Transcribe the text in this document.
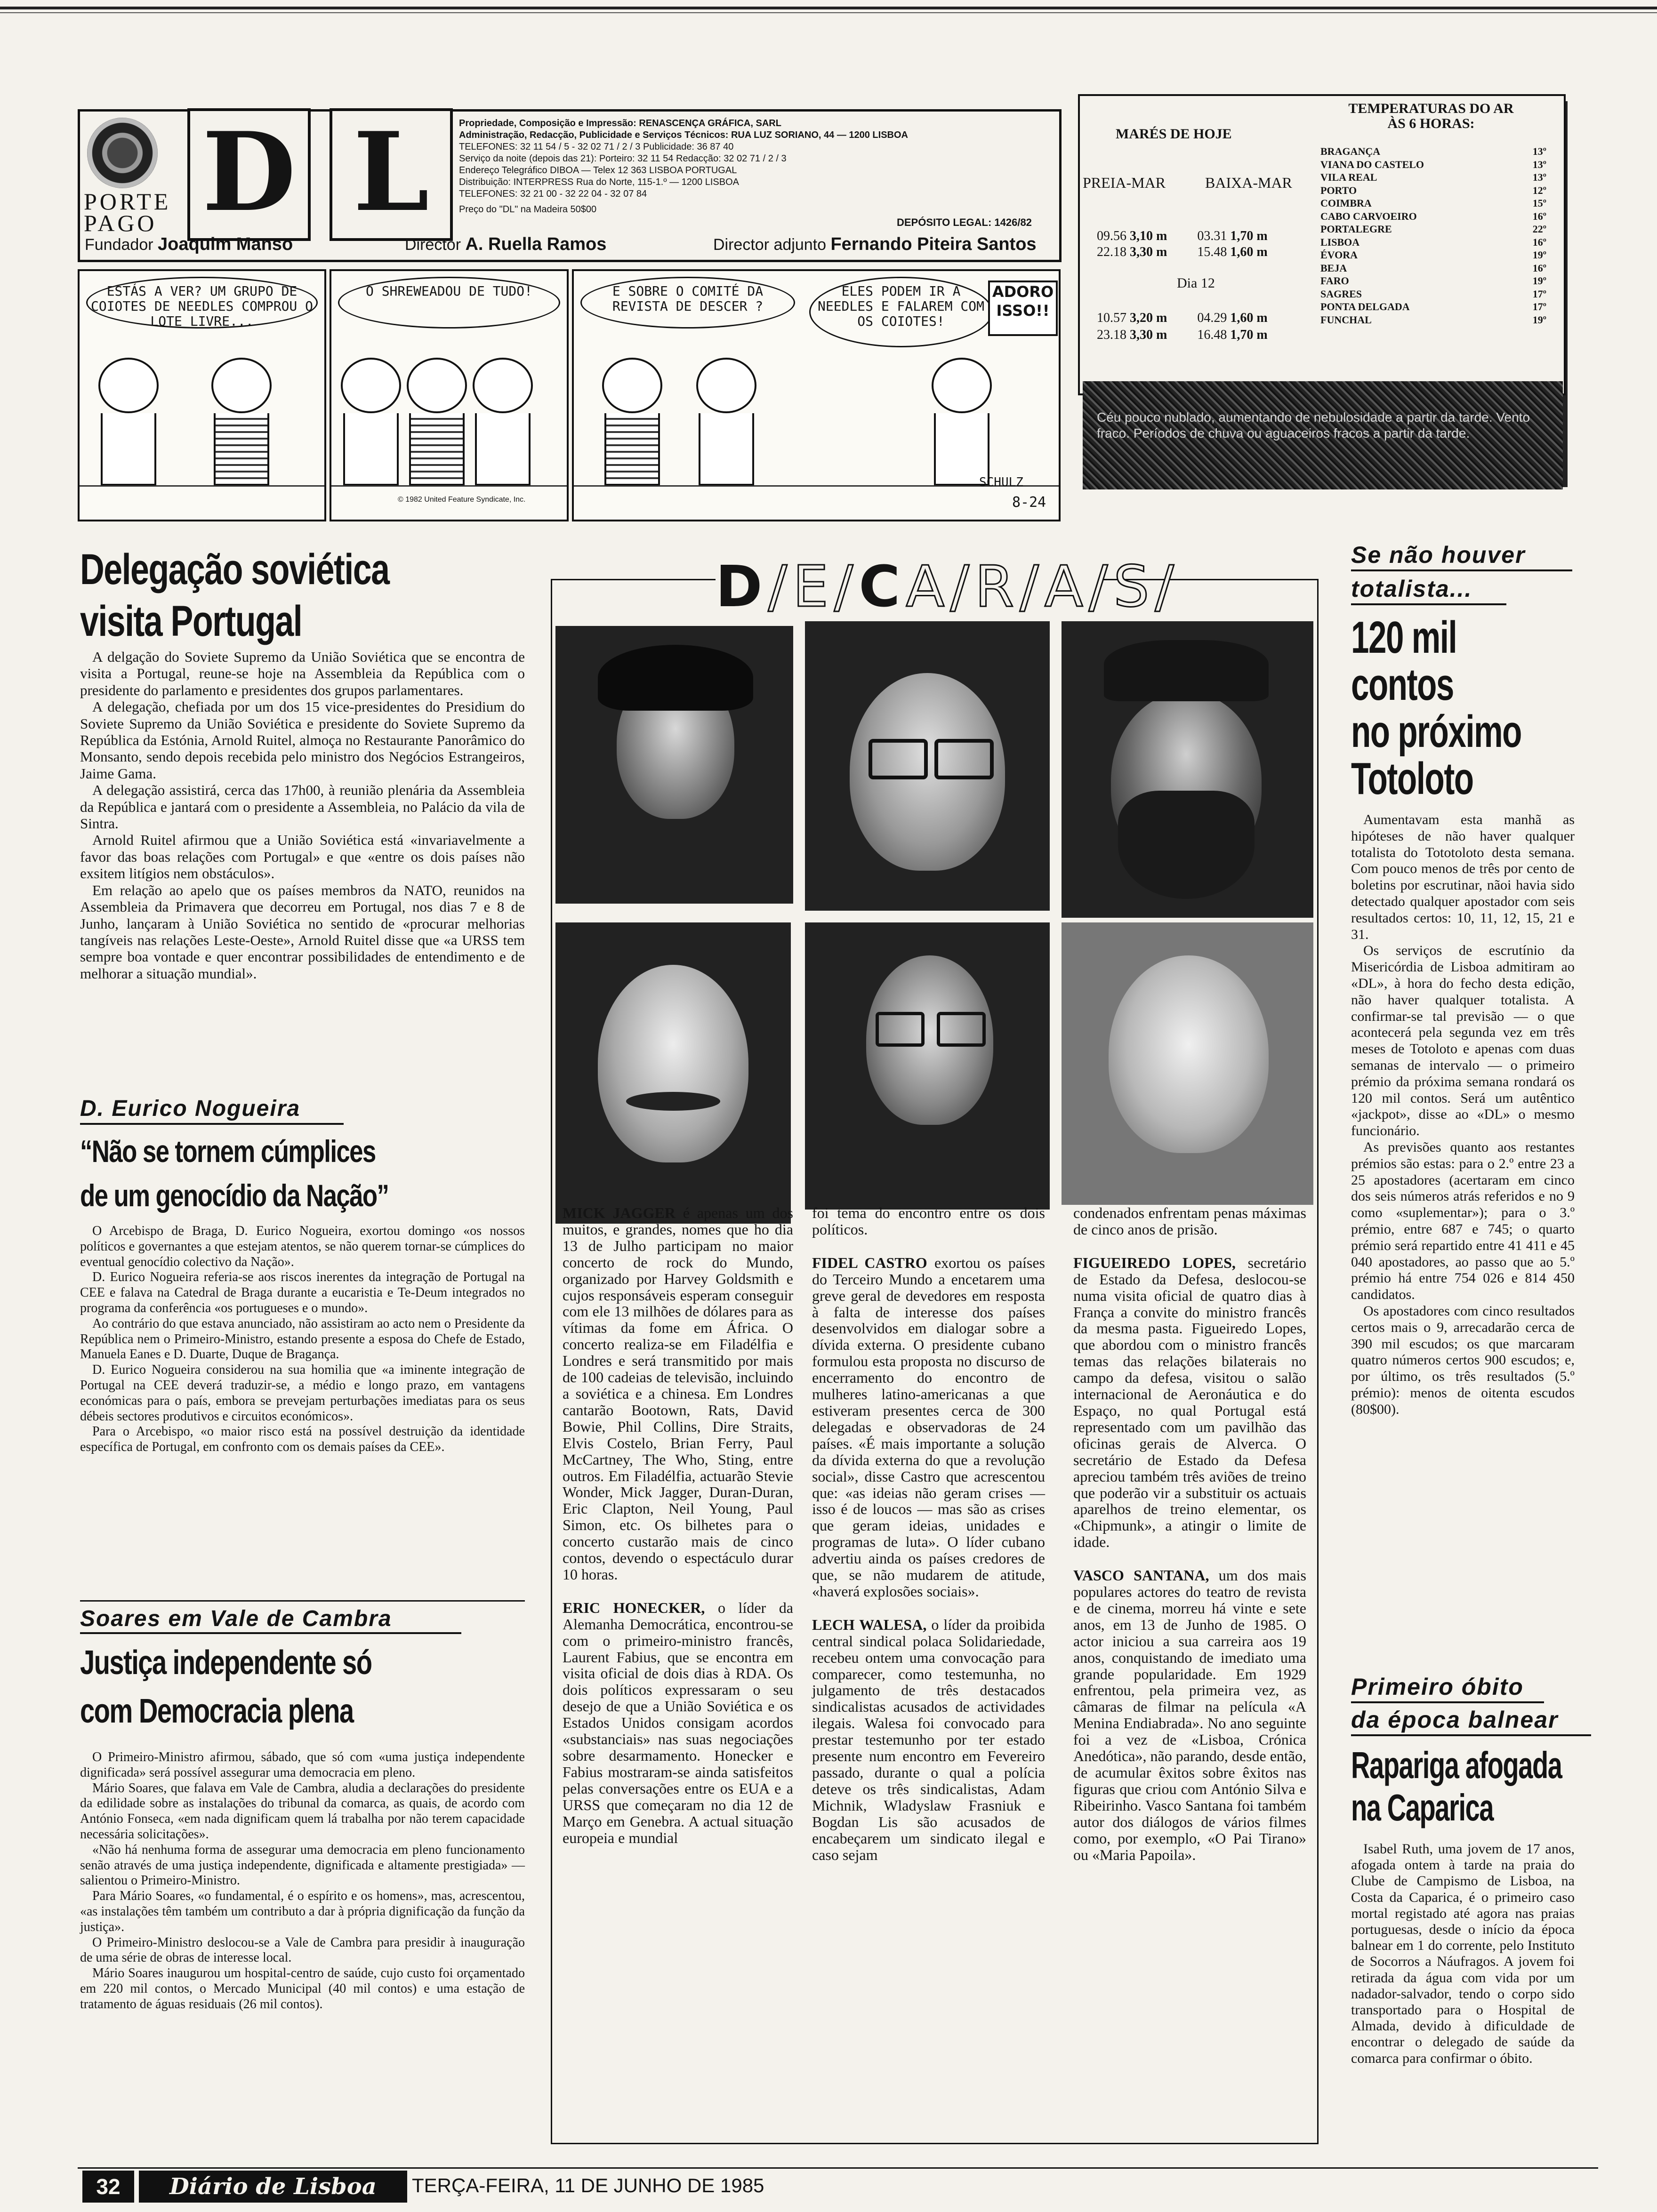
PORTE
PAGO D L	Propriedade, Composição e Impressão: RENASCENÇA GRÁFICA, SARL
Administração, Redacção, Publicidade e Serviços Técnicos: RUA LUZ SORIANO, 44 — 1200 LISBOA
TELEFONES: 32 11 54 / 5 - 32 02 71 / 2 / 3 Publicidade: 36 87 40
Serviço da noite (depois das 21): Porteiro: 32 11 54 Redacção: 32 02 71 / 2 / 3
Endereço Telegráfico DIBOA — Telex 12 363 LISBOA PORTUGAL
Distribuição: INTERPRESS Rua do Norte, 115-1.º — 1200 LISBOA
TELEFONES: 32 21 00 - 32 22 04 - 32 07 84
Preço do "DL" na Madeira 50$00
DEPÓSITO LEGAL: 1426/82
Fundador Joaquim Manso	Director A. Ruella Ramos	Director adjunto Fernando Piteira Santos
ESTÁS A VER? UM GRUPO DE COIOTES DE NEEDLES COMPROU O LOTE LIVRE...
O SHREWEADOU DE TUDO!	E SOBRE O COMITÉ DA REVISTA DE DESCER ?
ELES PODEM IR A NEEDLES E FALAREM COM OS COIOTES!
ADORO ISSO!!
© 1982 United Feature Syndicate, Inc.
SCHULZ
8-24
Céu pouco nublado, aumentando de nebulosidade a partir da tarde. Vento fraco. Períodos de chuva ou aguaceiros fracos a partir da tarde.
MARÉS DE HOJE
PREIA-MAR	BAIXA-MAR
09.56 3,10 m 03.31 1,70 m
22.18 3,30 m 15.48 1,60 m
Dia 12
10.57 3,20 m 04.29 1,60 m
23.18 3,30 m 16.48 1,70 m
TEMPERATURAS DO AR
ÀS 6 HORAS:
BRAGANÇA	13º
VIANA DO CASTELO	13º
VILA REAL	13º
PORTO	12º
COIMBRA	15º
CABO CARVOEIRO	16º
PORTALEGRE	22º
LISBOA	16º
ÉVORA	19º
BEJA	16º
FARO	19º
SAGRES	17º
PONTA DELGADA	17º
FUNCHAL	19º
Delegação soviética
visita Portugal

A delgação do Soviete Supremo da União Soviética que se encontra de visita a Portugal, reune-se hoje na Assembleia da República com o presidente do parlamento e presidentes dos grupos parlamentares.

A delegação, chefiada por um dos 15 vice-presidentes do Presidium do Soviete Supremo da União Soviética e presidente do Soviete Supremo da República da Estónia, Arnold Ruitel, almoça no Restaurante Panorâmico do Monsanto, sendo depois recebida pelo ministro dos Negócios Estrangeiros, Jaime Gama.

A delegação assistirá, cerca das 17h00, à reunião plenária da Assembleia da República e jantará com o presidente a Assembleia, no Palácio da vila de Sintra.

Arnold Ruitel afirmou que a União Soviética está «invariavelmente a favor das boas relações com Portugal» e que «entre os dois países não exsitem litígios nem obstáculos».

Em relação ao apelo que os países membros da NATO, reunidos na Assembleia da Primavera que decorreu em Portugal, nos dias 7 e 8 de Junho, lançaram à União Soviética no sentido de «procurar melhorias tangíveis nas relações Leste-Oeste», Arnold Ruitel disse que «a URSS tem sempre boa vontade e quer encontrar possibilidades de entendimento e de melhorar a situação mundial».

D. Eurico Nogueira
“Não se tornem cúmplices
de um genocídio da Nação”

O Arcebispo de Braga, D. Eurico Nogueira, exortou domingo «os nossos políticos e governantes a que estejam atentos, se não querem tornar-se cúmplices do eventual genocídio colectivo da Nação».

D. Eurico Nogueira referia-se aos riscos inerentes da integração de Portugal na CEE e falava na Catedral de Braga durante a eucaristia e Te-Deum integrados no programa da conferência «os portugueses e o mundo».

Ao contrário do que estava anunciado, não assistiram ao acto nem o Presidente da República nem o Primeiro-Ministro, estando presente a esposa do Chefe de Estado, Manuela Eanes e D. Duarte, Duque de Bragança.

D. Eurico Nogueira considerou na sua homilia que «a iminente integração de Portugal na CEE deverá traduzir-se, a médio e longo prazo, em vantagens económicas para o país, embora se prevejam perturbações imediatas para os seus débeis sectores produtivos e circuitos económicos».

Para o Arcebispo, «o maior risco está na possível destruição da identidade específica de Portugal, em confronto com os demais países da CEE».

Soares em Vale de Cambra
Justiça independente só
com Democracia plena

O Primeiro-Ministro afirmou, sábado, que só com «uma justiça independente dignificada» será possível assegurar uma democracia em pleno.

Mário Soares, que falava em Vale de Cambra, aludia a declarações do presidente da edilidade sobre as instalações do tribunal da comarca, as quais, de acordo com António Fonseca, «em nada dignificam quem lá trabalha por não terem capacidade necessária solicitações».

«Não há nenhuma forma de assegurar uma democracia em pleno funcionamento senão através de uma justiça independente, dignificada e altamente prestigiada» — salientou o Primeiro-Ministro.

Para Mário Soares, «o fundamental, é o espírito e os homens», mas, acrescentou, «as instalações têm também um contributo a dar à própria dignificação da função da justiça».

O Primeiro-Ministro deslocou-se a Vale de Cambra para presidir à inauguração de uma série de obras de interesse local.

Mário Soares inaugurou um hospital-centro de saúde, cujo custo foi orçamentado em 220 mil contos, o Mercado Municipal (40 mil contos) e uma estação de tratamento de águas residuais (26 mil contos).

D/E/CA/R/A/S/

MICK JAGGER é apenas um dos muitos, e grandes, nomes que ho dia 13 de Julho participam no maior concerto de rock do Mundo, organizado por Harvey Goldsmith e cujos responsáveis esperam conseguir com ele 13 milhões de dólares para as vítimas da fome em África. O concerto realiza-se em Filadélfia e Londres e será transmitido por mais de 100 cadeias de televisão, incluindo a soviética e a chinesa. Em Londres cantarão Bootown, Rats, David Bowie, Phil Collins, Dire Straits, Elvis Costelo, Brian Ferry, Paul McCartney, The Who, Sting, entre outros. Em Filadélfia, actuarão Stevie Wonder, Mick Jagger, Duran-Duran, Eric Clapton, Neil Young, Paul Simon, etc. Os bilhetes para o concerto custarão mais de cinco contos, devendo o espectáculo durar 10 horas.

ERIC HONECKER, o líder da Alemanha Democrática, encontrou-se com o primeiro-ministro francês, Laurent Fabius, que se encontra em visita oficial de dois dias à RDA. Os dois políticos expressaram o seu desejo de que a União Soviética e os Estados Unidos consigam acordos «substanciais» nas suas negociações sobre desarmamento. Honecker e Fabius mostraram-se ainda satisfeitos pelas conversações entre os EUA e a URSS que começaram no dia 12 de Março em Genebra. A actual situação europeia e mundial

foi tema do encontro entre os dois políticos.

FIDEL CASTRO exortou os países do Terceiro Mundo a encetarem uma greve geral de devedores em resposta à falta de interesse dos países desenvolvidos em dialogar sobre a dívida externa. O presidente cubano formulou esta proposta no discurso de encerramento do encontro de mulheres latino-americanas a que estiveram presentes cerca de 300 delegadas e observadoras de 24 países. «É mais importante a solução da dívida externa do que a revolução social», disse Castro que acrescentou que: «as ideias não geram crises — isso é de loucos — mas são as crises que geram ideias, unidades e programas de luta». O líder cubano advertiu ainda os países credores de que, se não mudarem de atitude, «haverá explosões sociais».

LECH WALESA, o líder da proibida central sindical polaca Solidariedade, recebeu ontem uma convocação para comparecer, como testemunha, no julgamento de três destacados sindicalistas acusados de actividades ilegais. Walesa foi convocado para prestar testemunho por ter estado presente num encontro em Fevereiro passado, durante o qual a polícia deteve os três sindicalistas, Adam Michnik, Wladyslaw Frasniuk e Bogdan Lis são acusados de encabeçarem um sindicato ilegal e caso sejam

condenados enfrentam penas máximas de cinco anos de prisão.

FIGUEIREDO LOPES, secretário de Estado da Defesa, deslocou-se numa visita oficial de quatro dias à França a convite do ministro francês da mesma pasta. Figueiredo Lopes, que abordou com o ministro francês temas das relações bilaterais no campo da defesa, visitou o salão internacional de Aeronáutica e do Espaço, no qual Portugal está representado com um pavilhão das oficinas gerais de Alverca. O secretário de Estado da Defesa apreciou também três aviões de treino que poderão vir a substituir os actuais aparelhos de treino elementar, os «Chipmunk», a atingir o limite de idade.

VASCO SANTANA, um dos mais populares actores do teatro de revista e de cinema, morreu há vinte e sete anos, em 13 de Junho de 1985. O actor iniciou a sua carreira aos 19 anos, conquistando de imediato uma grande popularidade. Em 1929 enfrentou, pela primeira vez, as câmaras de filmar na película «A Menina Endiabrada». No ano seguinte foi a vez de «Lisboa, Crónica Anedótica», não parando, desde então, de acumular êxitos sobre êxitos nas figuras que criou com António Silva e Ribeirinho. Vasco Santana foi também autor dos diálogos de vários filmes como, por exemplo, «O Pai Tirano» ou «Maria Papoila».

Se não houver
totalista...
120 mil
contos
no próximo
Totoloto

Aumentavam esta manhã as hipóteses de não haver qualquer totalista do Tototoloto desta semana. Com pouco menos de três por cento de boletins por escrutinar, nãoi havia sido detectado qualquer apostador com seis resultados certos: 10, 11, 12, 15, 21 e 31.

Os serviços de escrutínio da Misericórdia de Lisboa admitiram ao «DL», à hora do fecho desta edição, não haver qualquer totalista. A confirmar-se tal previsão — o que acontecerá pela segunda vez em três meses de Totoloto e apenas com duas semanas de intervalo — o primeiro prémio da próxima semana rondará os 120 mil contos. Será um autêntico «jackpot», disse ao «DL» o mesmo funcionário.

As previsões quanto aos restantes prémios são estas: para o 2.º entre 23 a 25 apostadores (acertaram em cinco dos seis números atrás referidos e no 9 como «suplementar»); para o 3.º prémio, entre 687 e 745; o quarto prémio será repartido entre 41 411 e 45 040 apostadores, ao passo que ao 5.º prémio há entre 754 026 e 814 450 candidatos.

Os apostadores com cinco resultados certos mais o 9, arrecadarão cerca de 390 mil escudos; os que marcaram quatro números certos 900 escudos; e, por último, os três resultados (5.º prémio): menos de oitenta escudos (80$00).

Primeiro óbito
da época balnear
Rapariga afogada
na Caparica

Isabel Ruth, uma jovem de 17 anos, afogada ontem à tarde na praia do Clube de Campismo de Lisboa, na Costa da Caparica, é o primeiro caso mortal registado até agora nas praias portuguesas, desde o início da época balnear em 1 do corrente, pelo Instituto de Socorros a Náufragos. A jovem foi retirada da água com vida por um nadador-salvador, tendo o corpo sido transportado para o Hospital de Almada, devido à dificuldade de encontrar o delegado de saúde da comarca para confirmar o óbito.

32	Diário de Lisboa	TERÇA-FEIRA, 11 DE JUNHO DE 1985
